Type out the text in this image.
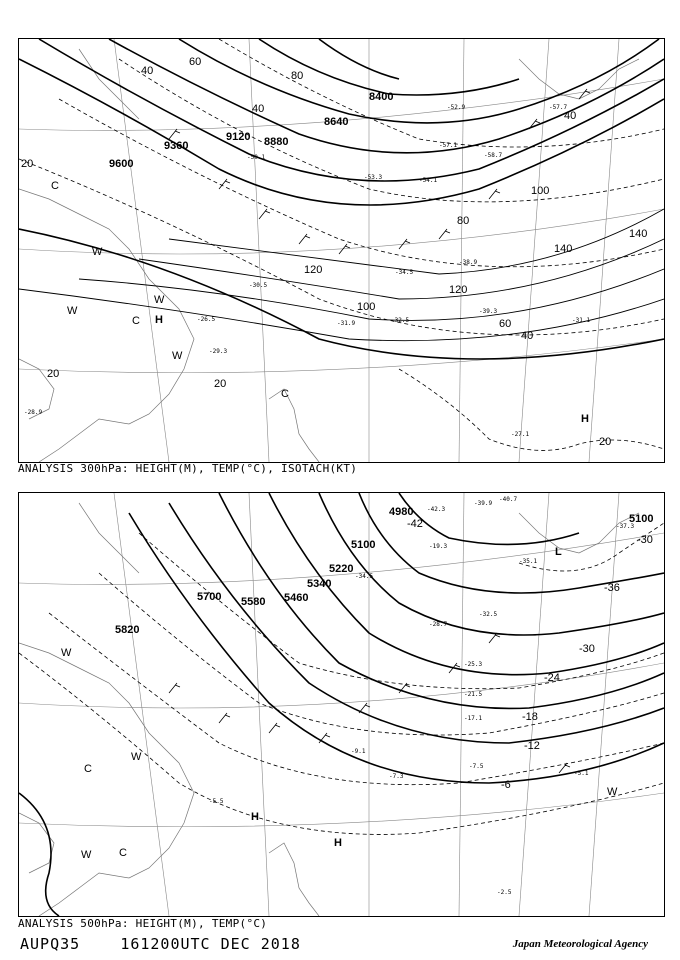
8400
8640
8880
9120
9360
9600
20
20
20
20
40
40
40
40
60
60
80
80
100
100
120
120
140
140
C
C
C
W
W
W
W
H
H
-52.9
-57.1
-58.7
-54.1
-50.1
-53.3
-57.7
-34.5
-32.5
-31.9
-30.5
-29.3
-27.1
-38.9
-39.3
-31.1
-28.9
-26.5
ANALYSIS 300hPa: HEIGHT(M), TEMP(°C), ISOTACH(KT)
4980
5100
5100
5220
5340
5460
5580
5700
5820
-42
-36
-30
-24
-18
-12
-6
-30
L
W
W
W
W
C
C
H
H
-39.9
-40.7
-42.3
-37.3
-34.5
-32.5
-28.7
-25.3
-21.5
-17.1
-9.1
-7.5
-7.3
-5.5
-5.1
-2.5
-19.3
-35.1
ANALYSIS 500hPa: HEIGHT(M), TEMP(°C)
AUPQ35	161200UTC DEC 2018	Japan Meteorological Agency
